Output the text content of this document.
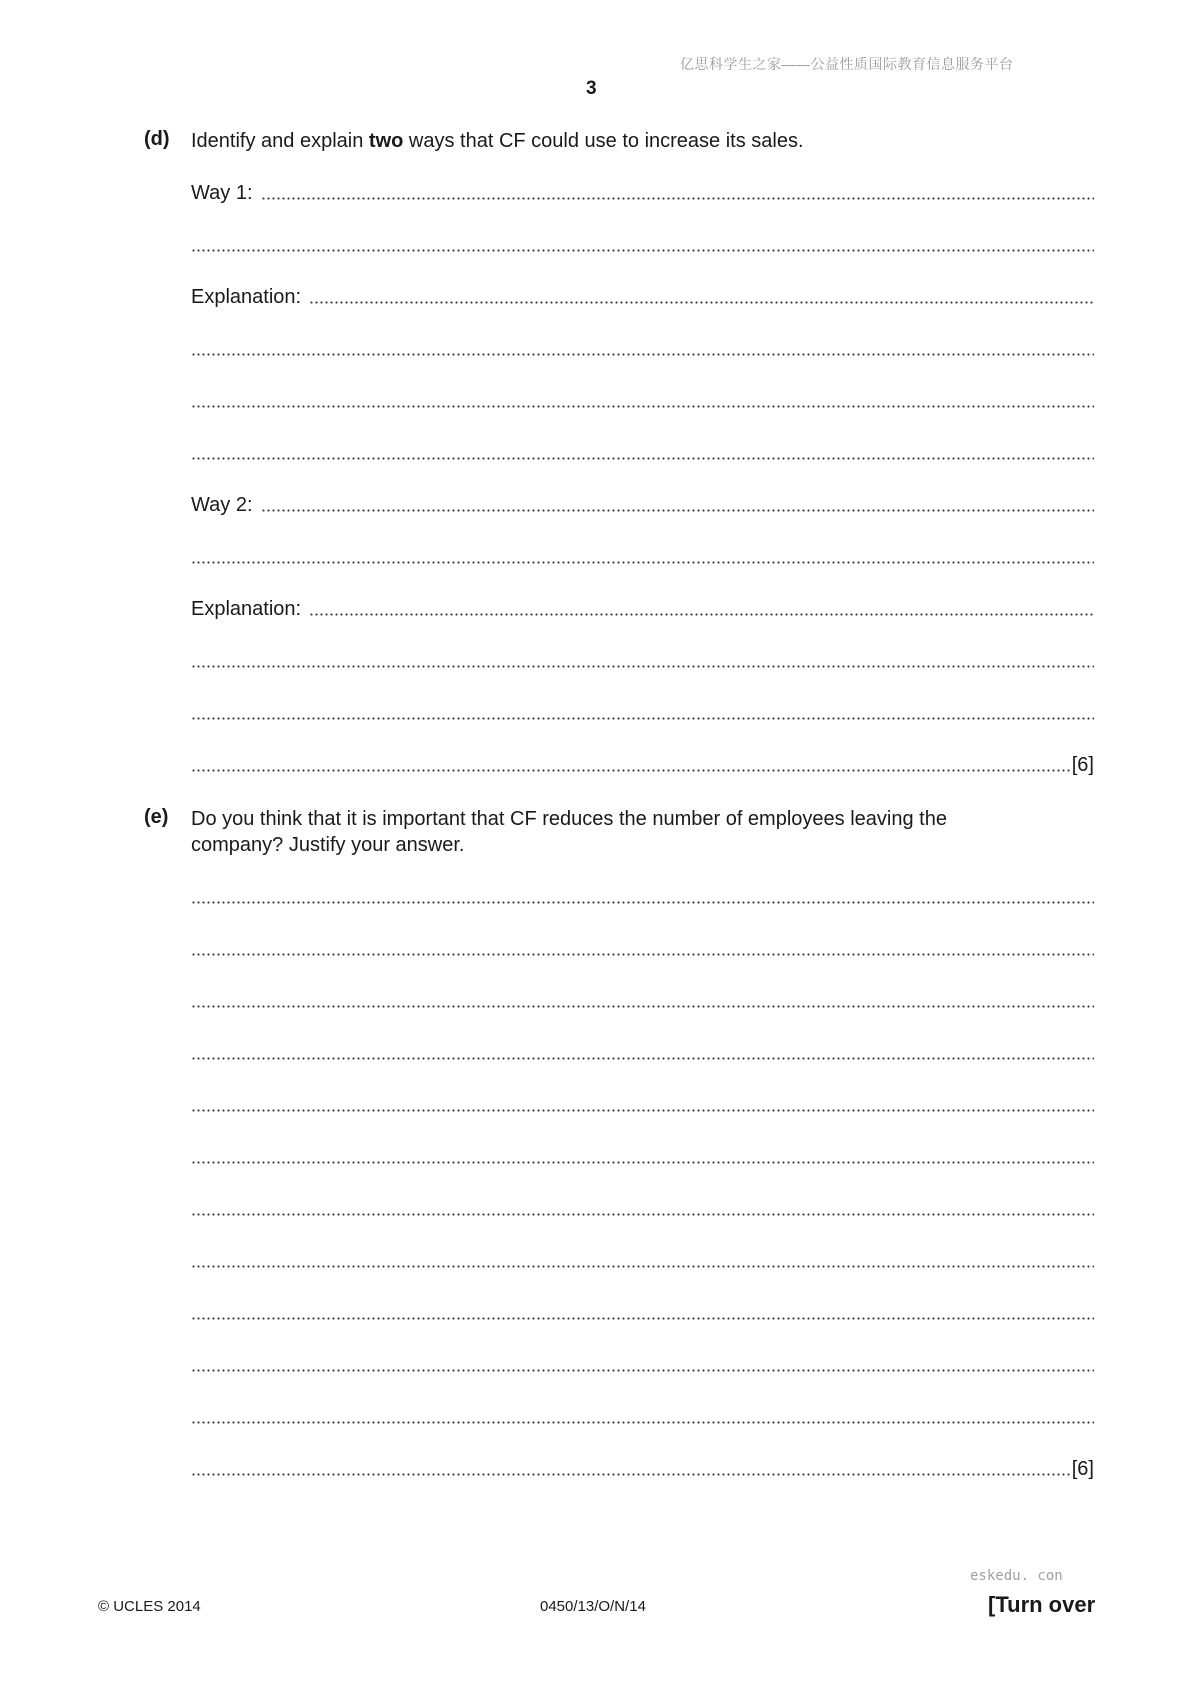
亿思科学生之家——公益性质国际教育信息服务平台
3
(d) Identify and explain two ways that CF could use to increase its sales.
Way 1:
Explanation:
Way 2:
Explanation:
[6]
(e) Do you think that it is important that CF reduces the number of employees leaving the
company? Justify your answer.
[6]
eskedu. con
© UCLES 2014	0450/13/O/N/14	[Turn over
